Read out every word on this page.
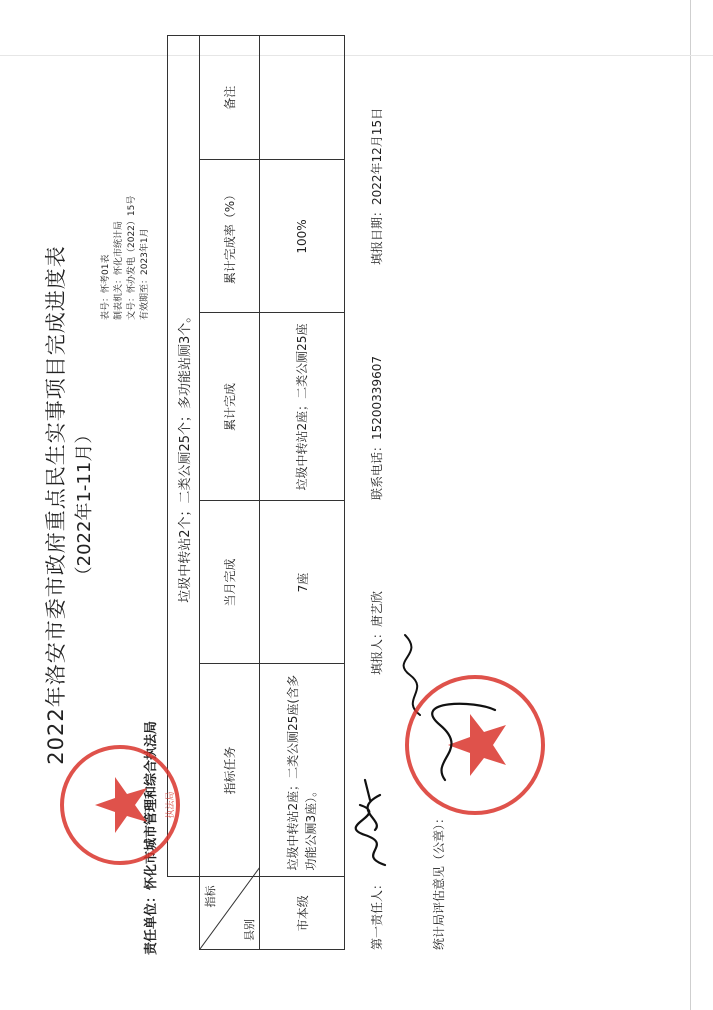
2022年洛安市委市政府重点民生实事项目完成进度表 （2022年1-11月）
表号：怀考01表 制表机关：怀化市统计局 文号：怀办发电（2022）15号 有效期至：2023年1月
责任单位：怀化市城市管理和综合执法局
	垃圾中转站2个；二类公厕25个；多功能站厕3个。				

指标
县别	指标任务	当月完成	累计完成	累计完成率（%）	备注
市本级	垃圾中转站2座；二类公厕25座(含多功能公厕3座）。	7座	垃圾中转站2座；二类公厕25座	100%	
第一责任人：
填报人：唐艺欣
联系电话：15200339607
填报日期：2022年12月15日
统计局评估意见（公章）：
执法局
